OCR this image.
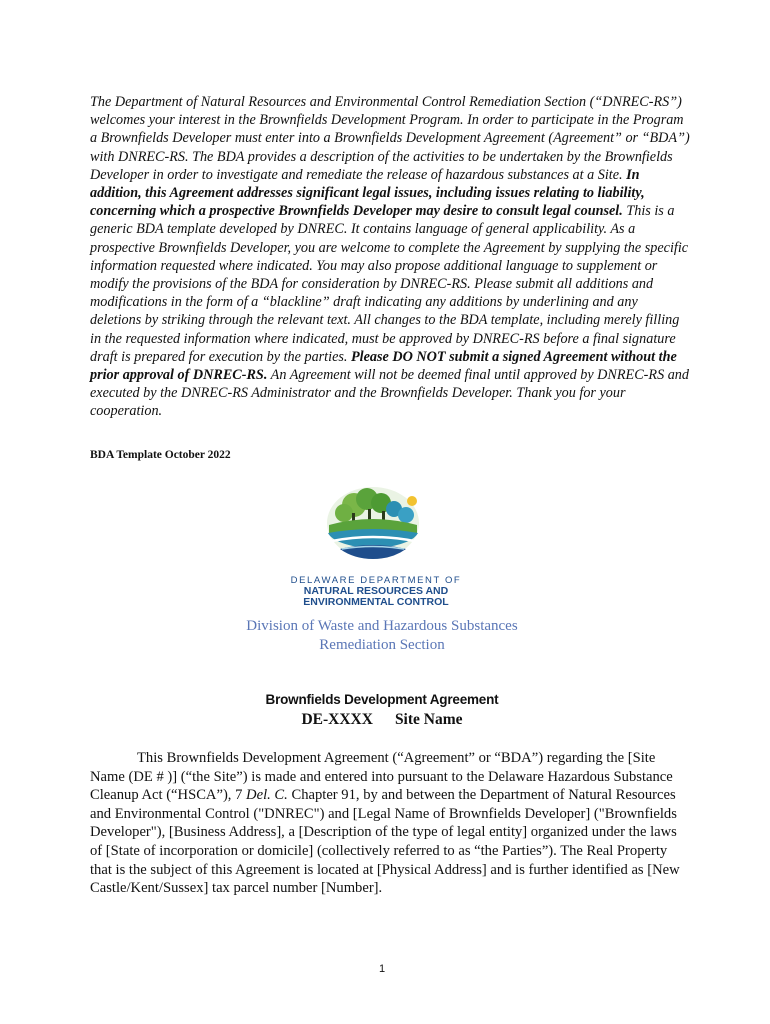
The Department of Natural Resources and Environmental Control Remediation Section (“DNREC-RS”) welcomes your interest in the Brownfields Development Program. In order to participate in the Program a Brownfields Developer must enter into a Brownfields Development Agreement (Agreement” or “BDA”) with DNREC-RS. The BDA provides a description of the activities to be undertaken by the Brownfields Developer in order to investigate and remediate the release of hazardous substances at a Site. In addition, this Agreement addresses significant legal issues, including issues relating to liability, concerning which a prospective Brownfields Developer may desire to consult legal counsel. This is a generic BDA template developed by DNREC. It contains language of general applicability. As a prospective Brownfields Developer, you are welcome to complete the Agreement by supplying the specific information requested where indicated. You may also propose additional language to supplement or modify the provisions of the BDA for consideration by DNREC-RS. Please submit all additions and modifications in the form of a “blackline” draft indicating any additions by underlining and any deletions by striking through the relevant text. All changes to the BDA template, including merely filling in the requested information where indicated, must be approved by DNREC-RS before a final signature draft is prepared for execution by the parties. Please DO NOT submit a signed Agreement without the prior approval of DNREC-RS. An Agreement will not be deemed final until approved by DNREC-RS and executed by the DNREC-RS Administrator and the Brownfields Developer. Thank you for your cooperation.

BDA Template October 2022
DELAWARE DEPARTMENT OF
NATURAL RESOURCES AND
ENVIRONMENTAL CONTROL
Division of Waste and Hazardous Substances
Remediation Section
Brownfields Development Agreement
DE-XXXX Site Name

This Brownfields Development Agreement (“Agreement” or “BDA”) regarding the [Site Name (DE # )] (“the Site”) is made and entered into pursuant to the Delaware Hazardous Substance Cleanup Act (“HSCA”), 7 Del. C. Chapter 91, by and between the Department of Natural Resources and Environmental Control ("DNREC") and [Legal Name of Brownfields Developer] ("Brownfields Developer"), [Business Address], a [Description of the type of legal entity] organized under the laws of [State of incorporation or domicile] (collectively referred to as “the Parties”). The Real Property that is the subject of this Agreement is located at [Physical Address] and is further identified as [New Castle/Kent/Sussex] tax parcel number [Number].

1
